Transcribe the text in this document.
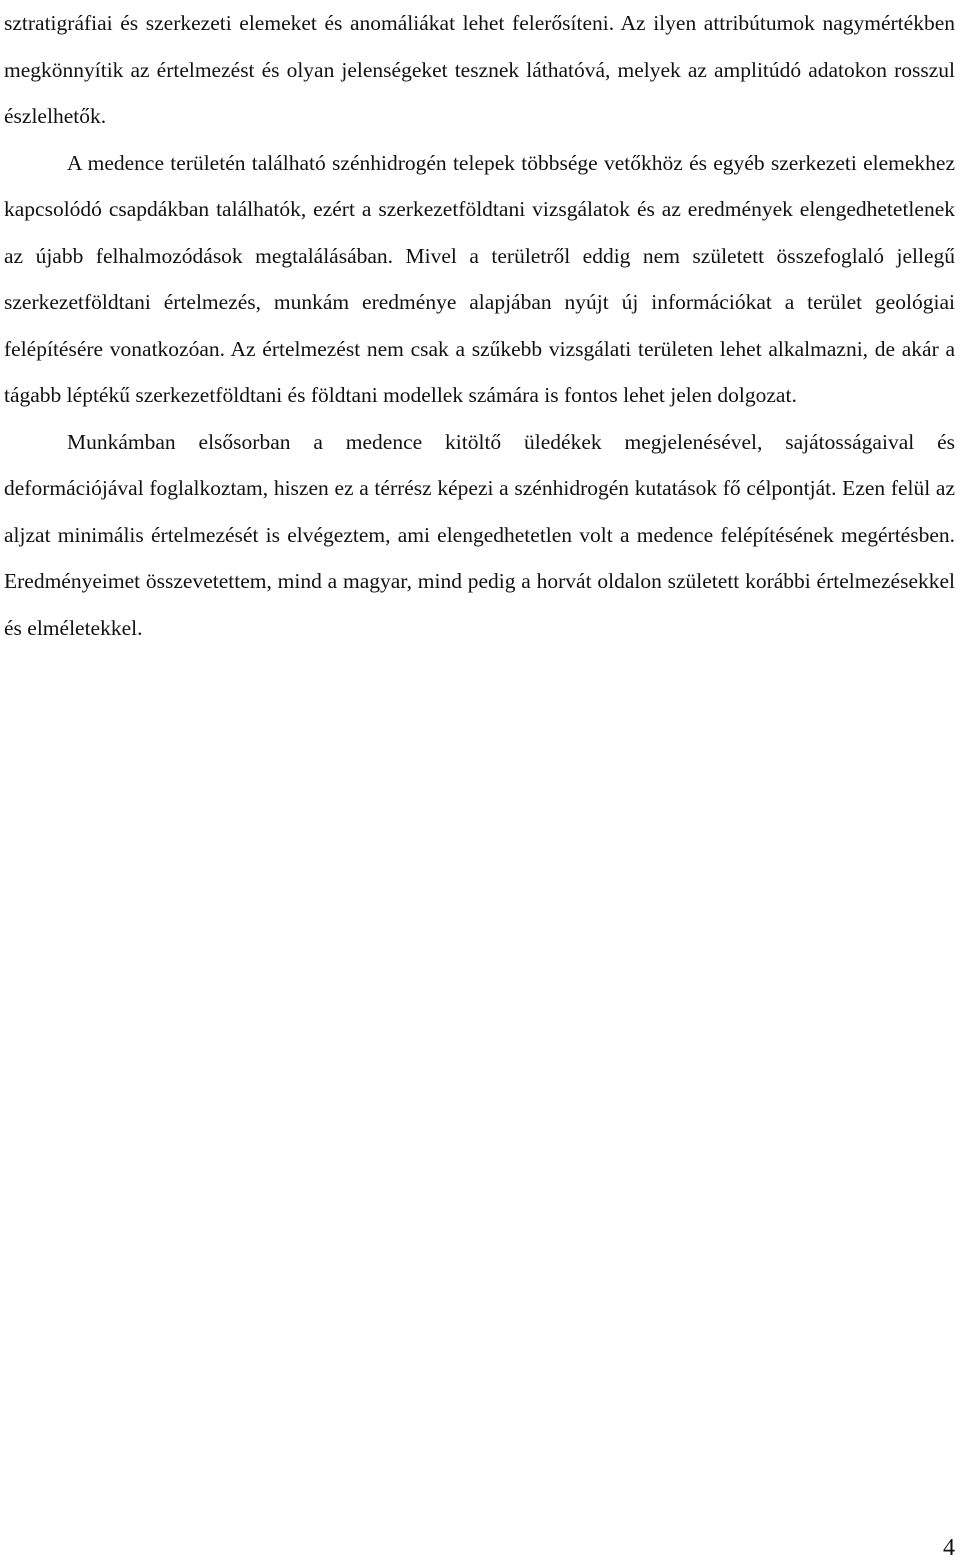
sztratigráfiai és szerkezeti elemeket és anomáliákat lehet felerősíteni. Az ilyen attribútumok nagymértékben megkönnyítik az értelmezést és olyan jelenségeket tesznek láthatóvá, melyek az amplitúdó adatokon rosszul észlelhetők.

A medence területén található szénhidrogén telepek többsége vetőkhöz és egyéb szerkezeti elemekhez kapcsolódó csapdákban találhatók, ezért a szerkezetföldtani vizsgálatok és az eredmények elengedhetetlenek az újabb felhalmozódások megtalálásában. Mivel a területről eddig nem született összefoglaló jellegű szerkezetföldtani értelmezés, munkám eredménye alapjában nyújt új információkat a terület geológiai felépítésére vonatkozóan. Az értelmezést nem csak a szűkebb vizsgálati területen lehet alkalmazni, de akár a tágabb léptékű szerkezetföldtani és földtani modellek számára is fontos lehet jelen dolgozat.

Munkámban elsősorban a medence kitöltő üledékek megjelenésével, sajátosságaival és deformációjával foglalkoztam, hiszen ez a térrész képezi a szénhidrogén kutatások fő célpontját. Ezen felül az aljzat minimális értelmezését is elvégeztem, ami elengedhetetlen volt a medence felépítésének megértésben. Eredményeimet összevetettem, mind a magyar, mind pedig a horvát oldalon született korábbi értelmezésekkel és elméletekkel.

4
